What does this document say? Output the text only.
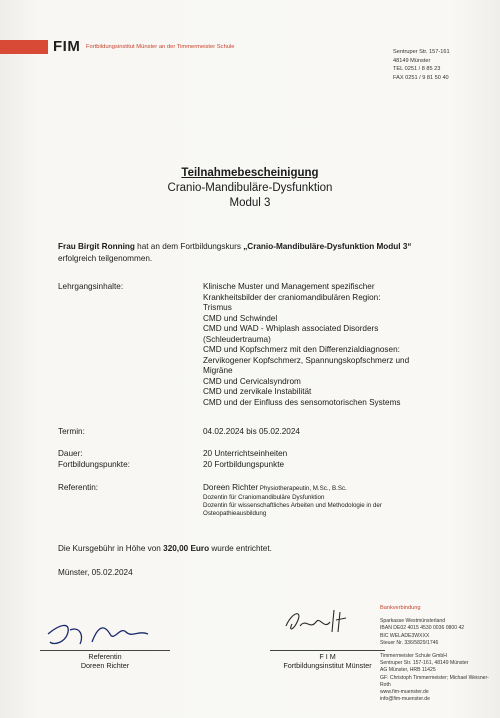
FIM Fortbildungsinstitut Münster an der Timmermeister Schule
Sentruper Str. 157-161
48149 Münster
TEL 0251 / 8 85 23
FAX 0251 / 9 81 50 40
Teilnahmebescheinigung
Cranio-Mandibuläre-Dysfunktion
Modul 3
Frau Birgit Ronning hat an dem Fortbildungskurs „Cranio-Mandibuläre-Dysfunktion Modul 3“ erfolgreich teilgenommen.
Lehrgangsinhalte:	Klinische Muster und Management spezifischer
Krankheitsbilder der craniomandibulären Region:
Trismus
CMD und Schwindel
CMD und WAD - Whiplash associated Disorders
(Schleudertrauma)
CMD und Kopfschmerz mit den Differenzialdiagnosen:
Zervikogener Kopfschmerz, Spannungskopfschmerz und
Migräne
CMD und Cervicalsyndrom
CMD und zervikale Instabilität
CMD und der Einfluss des sensomotorischen Systems
Termin:	04.02.2024 bis 05.02.2024
Dauer:	20 Unterrichtseinheiten
Fortbildungspunkte:	20 Fortbildungspunkte
Referentin:	Doreen Richter Physiotherapeutin, M.Sc., B.Sc.
Dozentin für Craniomandibuläre Dysfunktion
Dozentin für wissenschaftliches Arbeiten und Methodologie in der
Osteopathieausbildung
Die Kursgebühr in Höhe von 320,00 Euro wurde entrichtet.
Münster, 05.02.2024
Referentin
Doreen Richter
F I M
Fortbildungsinstitut Münster
Bankverbindung
Sparkasse Westmünsterland
IBAN DE02 4015 4530 0036 0800 42
BIC WELADE3WXXX
Steuer Nr. 336/5829/1746
Timmermeister Schule GmbH
Sentruper Str. 157-161, 48149 Münster
AG Münster, HRB 11425
GF: Christoph Timmermeister; Michael Weisner-Roth
www.fim-muenster.de
info@fim-muenster.de
